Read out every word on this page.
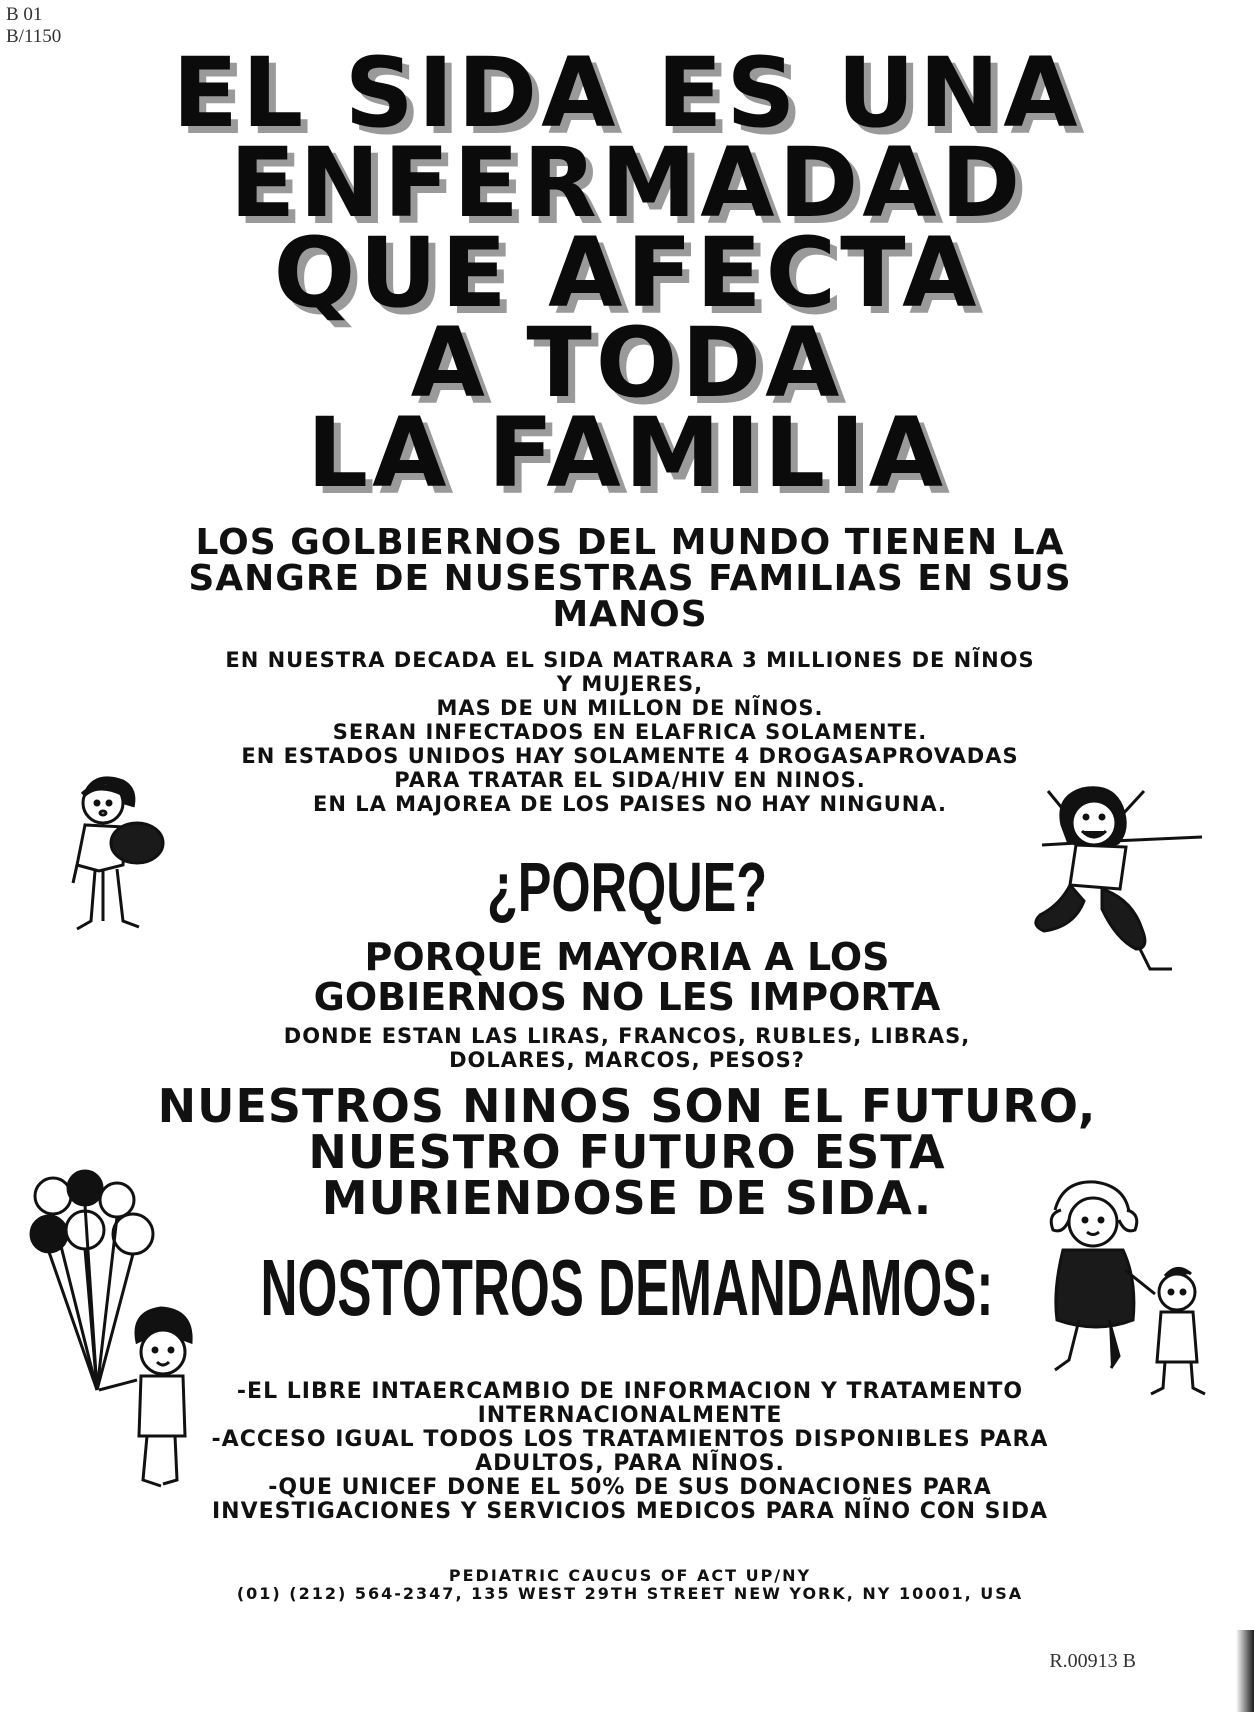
B 01
B/1150
EL SIDA ES UNA
ENFERMADAD
QUE AFECTA
A TODA
LA FAMILIA
LOS GOLBIERNOS DEL MUNDO TIENEN LA
SANGRE DE NUSESTRAS FAMILIAS EN SUS
MANOS
EN NUESTRA DECADA EL SIDA MATRARA 3 MILLIONES DE NĨNOS
Y MUJERES,
MAS DE UN MILLON DE NĨNOS.
SERAN INFECTADOS EN ELAFRICA SOLAMENTE.
EN ESTADOS UNIDOS HAY SOLAMENTE 4 DROGASAPROVADAS
PARA TRATAR EL SIDA/HIV EN NINOS.
EN LA MAJOREA DE LOS PAISES NO HAY NINGUNA.
¿PORQUE?
PORQUE MAYORIA A LOS
GOBIERNOS NO LES IMPORTA
DONDE ESTAN LAS LIRAS, FRANCOS, RUBLES, LIBRAS,
DOLARES, MARCOS, PESOS?
NUESTROS NINOS SON EL FUTURO,
NUESTRO FUTURO ESTA
MURIENDOSE DE SIDA.
NOSTOTROS DEMANDAMOS:
-EL LIBRE INTAERCAMBIO DE INFORMACION Y TRATAMENTO
INTERNACIONALMENTE
-ACCESO IGUAL TODOS LOS TRATAMIENTOS DISPONIBLES PARA
ADULTOS, PARA NĨNOS.
-QUE UNICEF DONE EL 50% DE SUS DONACIONES PARA
INVESTIGACIONES Y SERVICIOS MEDICOS PARA NĨNO CON SIDA
PEDIATRIC CAUCUS OF ACT UP/NY
(01) (212) 564-2347, 135 WEST 29TH STREET NEW YORK, NY 10001, USA
R.00913 B
